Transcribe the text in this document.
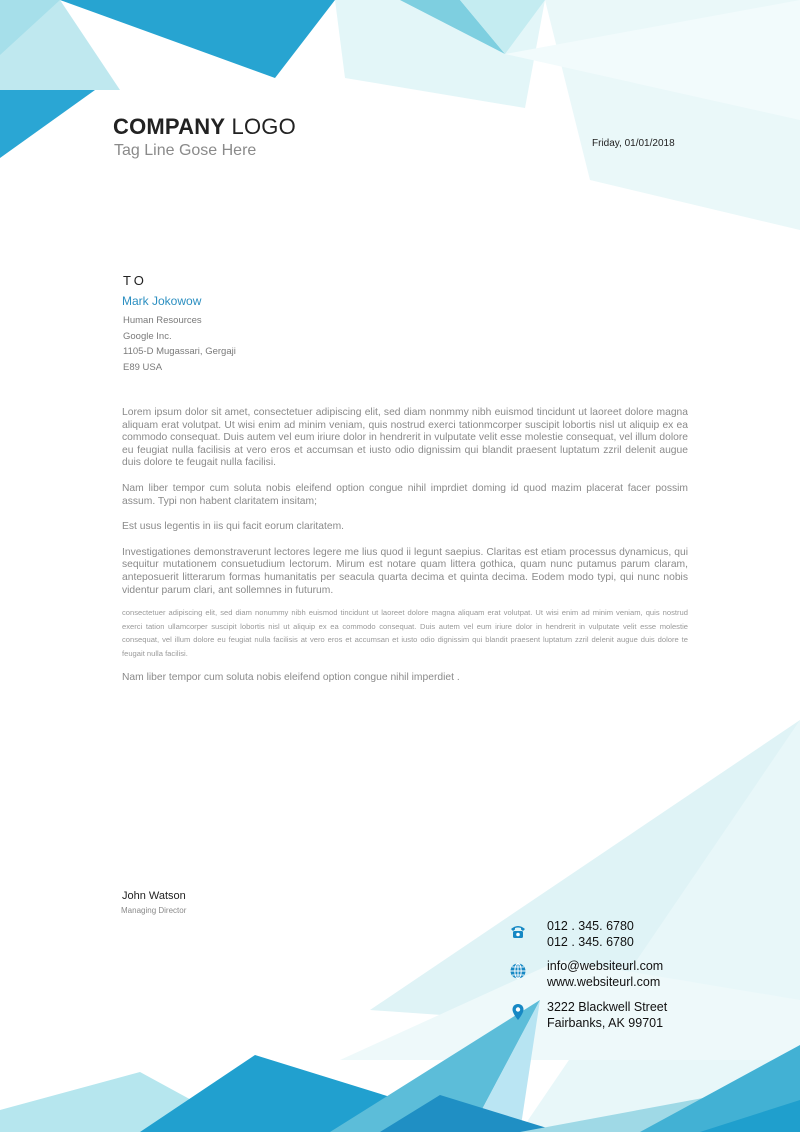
COMPANY LOGO
Tag Line Gose Here	Friday, 01/01/2018
TO
Mark Jokowow
Human Resources
Google Inc.
1105-D Mugassari, Gergaji
E89 USA

Lorem ipsum dolor sit amet, consectetuer adipiscing elit, sed diam nonmmy nibh euismod tincidunt ut laoreet dolore magna aliquam erat volutpat. Ut wisi enim ad minim veniam, quis nostrud exerci tationmcorper suscipit lobortis nisl ut aliquip ex ea commodo consequat. Duis autem vel eum iriure dolor in hendrerit in vulputate velit esse molestie consequat, vel illum dolore eu feugiat nulla facilisis at vero eros et accumsan et iusto odio dignissim qui blandit praesent luptatum zzril delenit augue duis dolore te feugait nulla facilisi.

Nam liber tempor cum soluta nobis eleifend option congue nihil imprdiet doming id quod mazim placerat facer possim assum. Typi non habent claritatem insitam;

Est usus legentis in iis qui facit eorum claritatem.

Investigationes demonstraverunt lectores legere me lius quod ii legunt saepius. Claritas est etiam processus dynamicus, qui sequitur mutationem consuetudium lectorum. Mirum est notare quam littera gothica, quam nunc putamus parum claram, anteposuerit litterarum formas humanitatis per seacula quarta decima et quinta decima. Eodem modo typi, qui nunc nobis videntur parum clari, ant sollemnes in futurum.

consectetuer adipiscing elit, sed diam nonummy nibh euismod tincidunt ut laoreet dolore magna aliquam erat volutpat. Ut wisi enim ad minim veniam, quis nostrud exerci tation ullamcorper suscipit lobortis nisl ut aliquip ex ea commodo consequat. Duis autem vel eum iriure dolor in hendrerit in vulputate velit esse molestie consequat, vel illum dolore eu feugiat nulla facilisis at vero eros et accumsan et iusto odio dignissim qui blandit praesent luptatum zzril delenit augue duis dolore te feugait nulla facilisi.

Nam liber tempor cum soluta nobis eleifend option congue nihil imperdiet .

John Watson
Managing Director
012 . 345. 6780
012 . 345. 6780
info@websiteurl.com
www.websiteurl.com
3222 Blackwell Street
Fairbanks, AK 99701
